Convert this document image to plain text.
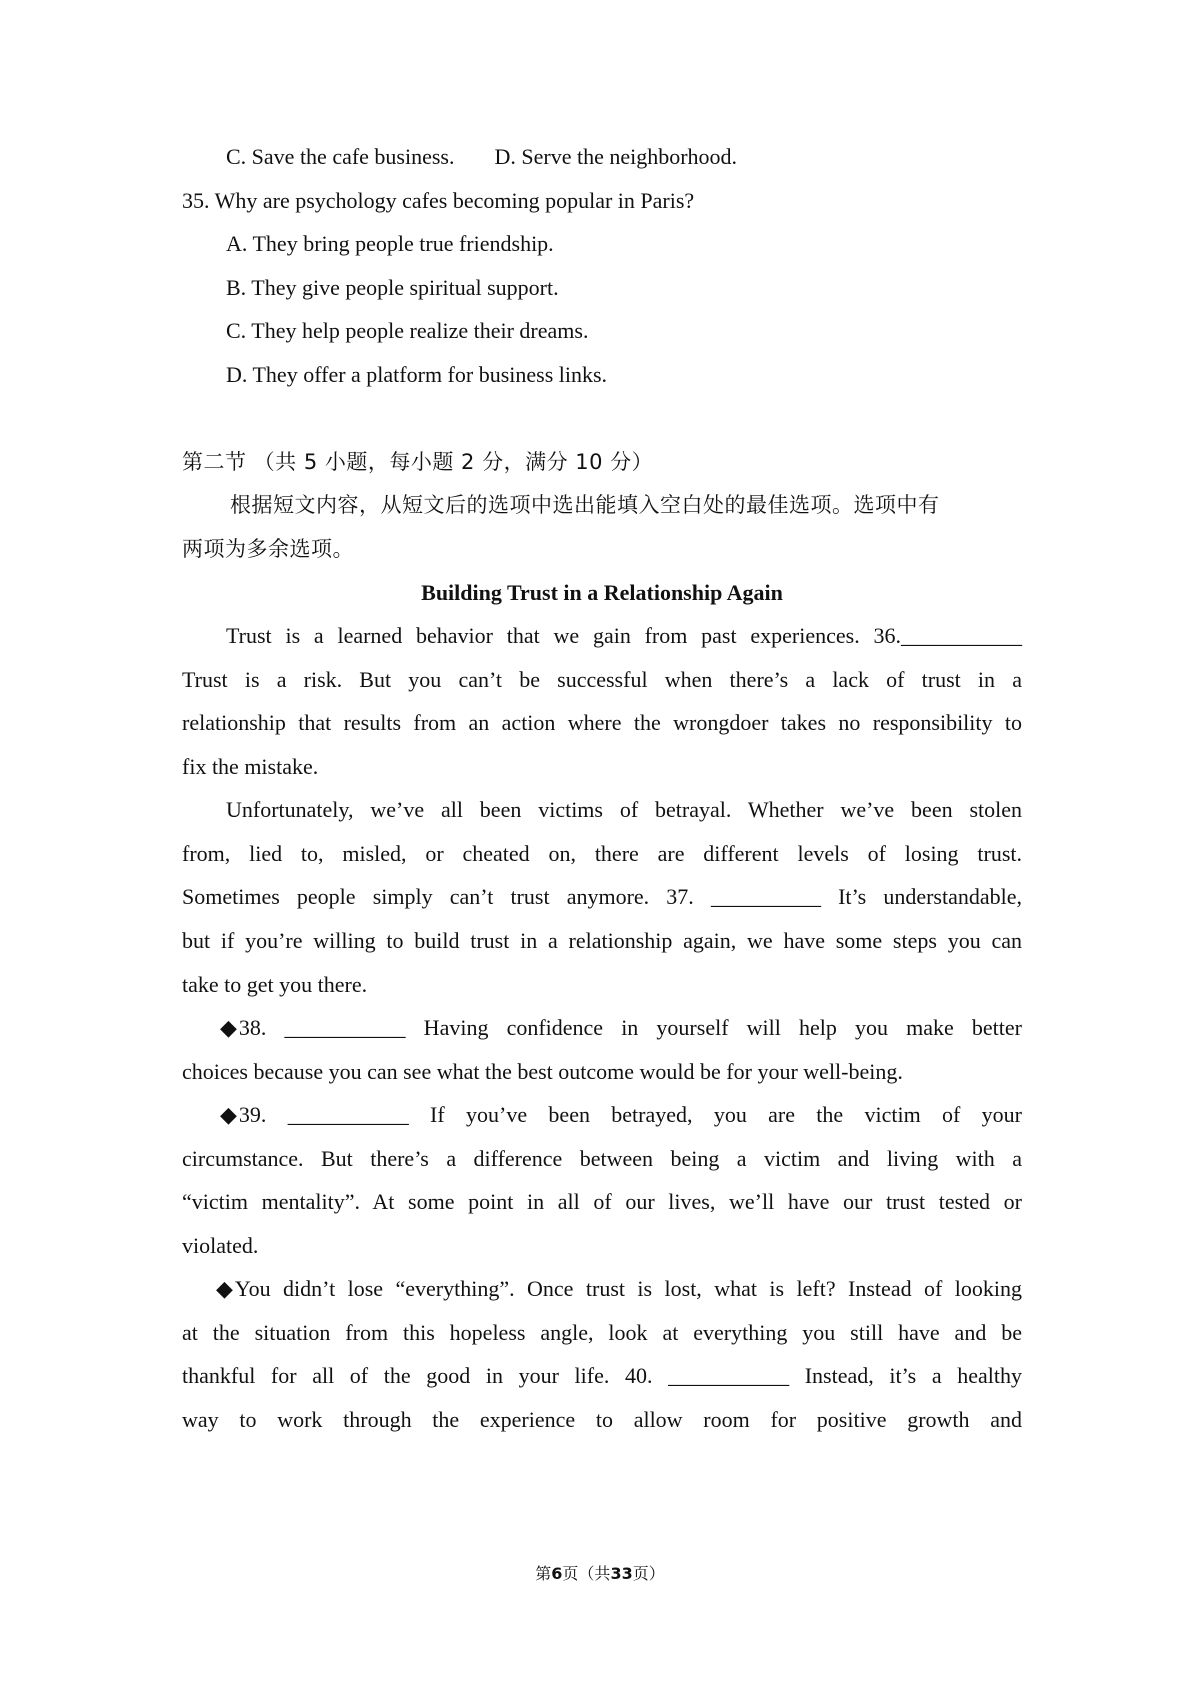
C. Save the cafe business. D. Serve the neighborhood.
35. Why are psychology cafes becoming popular in Paris?
A. They bring people true friendship.
B. They give people spiritual support.
C. They help people realize their dreams.
D. They offer a platform for business links.
第二节 （共 5 小题，每小题 2 分，满分 10 分）
根据短文内容，从短文后的选项中选出能填入空白处的最佳选项。选项中有
两项为多余选项。
Building Trust in a Relationship Again
Trust is a learned behavior that we gain from past experiences. 36.___________
Trust is a risk. But you can’t be successful when there’s a lack of trust in a
relationship that results from an action where the wrongdoer takes no responsibility to
fix the mistake.
Unfortunately, we’ve all been victims of betrayal. Whether we’ve been stolen
from, lied to, misled, or cheated on, there are different levels of losing trust.
Sometimes people simply can’t trust anymore. 37. __________ It’s understandable,
but if you’re willing to build trust in a relationship again, we have some steps you can
take to get you there.
◆ 38. ___________ Having confidence in yourself will help you make better
choices because you can see what the best outcome would be for your well-being.
◆ 39. ___________ If you’ve been betrayed, you are the victim of your
circumstance. But there’s a difference between being a victim and living with a
“victim mentality”. At some point in all of our lives, we’ll have our trust tested or
violated.
◆ You didn’t lose “everything”. Once trust is lost, what is left? Instead of looking
at the situation from this hopeless angle, look at everything you still have and be
thankful for all of the good in your life. 40. ___________ Instead, it’s a healthy
way to work through the experience to allow room for positive growth and
第6页（共33页）
